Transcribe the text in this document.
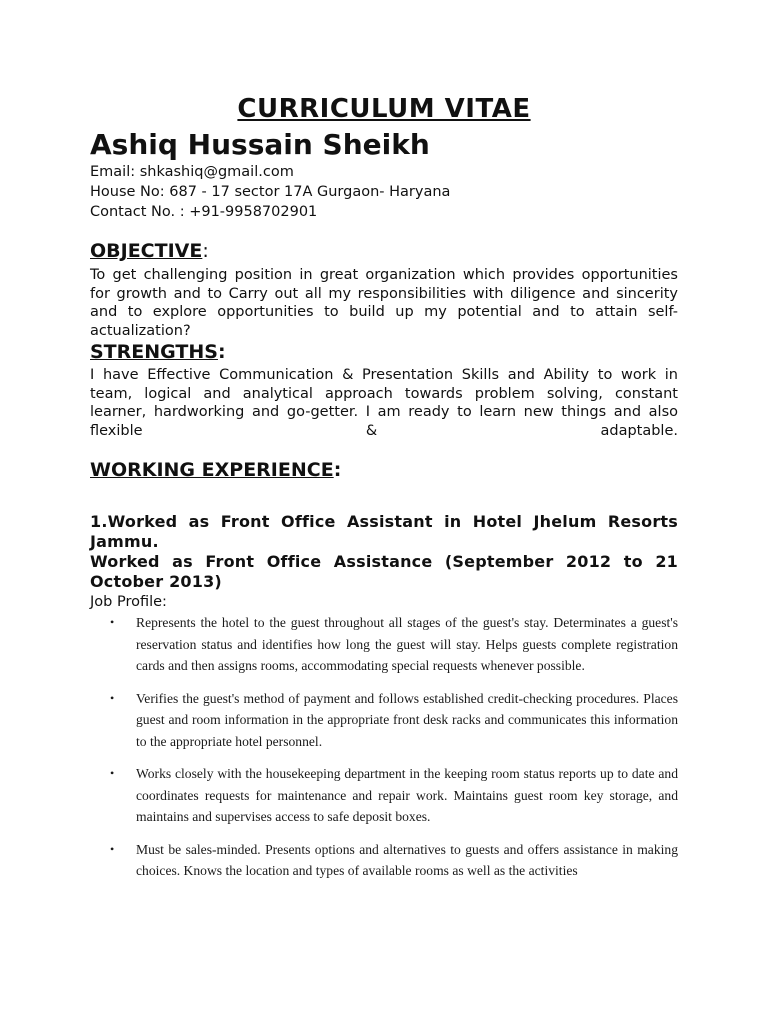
CURRICULUM VITAE
Ashiq Hussain Sheikh
Email: shkashiq@gmail.com
House No: 687 - 17 sector 17A Gurgaon- Haryana
Contact No. : +91-9958702901
OBJECTIVE:
To get challenging position in great organization which provides opportunities for growth and to Carry out all my responsibilities with diligence and sincerity and to explore opportunities to build up my potential and to attain self-actualization?
STRENGTHS:
I have Effective Communication & Presentation Skills and Ability to work in team, logical and analytical approach towards problem solving, constant learner, hardworking and go-getter. I am ready to learn new things and also flexible & adaptable.
WORKING EXPERIENCE:
1.Worked as Front Office Assistant in Hotel Jhelum Resorts Jammu.
Worked as Front Office Assistance (September 2012 to 21 October 2013)
Job Profile:
• Represents the hotel to the guest throughout all stages of the guest's stay. Determinates a guest's reservation status and identifies how long the guest will stay. Helps guests complete registration cards and then assigns rooms, accommodating special requests whenever possible.
• Verifies the guest's method of payment and follows established credit-checking procedures. Places guest and room information in the appropriate front desk racks and communicates this information to the appropriate hotel personnel.
• Works closely with the housekeeping department in the keeping room status reports up to date and coordinates requests for maintenance and repair work. Maintains guest room key storage, and maintains and supervises access to safe deposit boxes.
• Must be sales-minded. Presents options and alternatives to guests and offers assistance in making choices. Knows the location and types of available rooms as well as the activities
